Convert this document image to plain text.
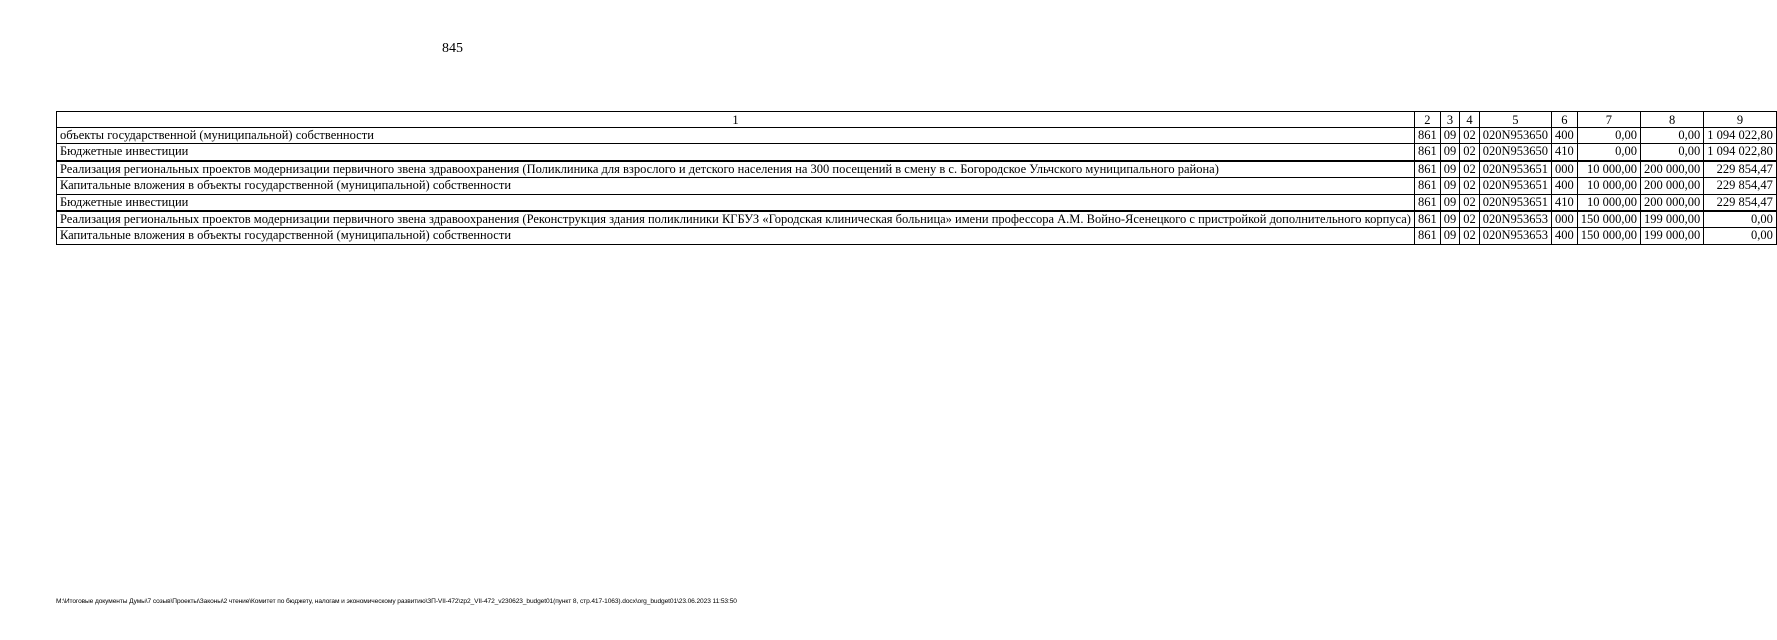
845
1	2	3	4	5	6	7	8	9
объекты государственной (муниципальной) собственности	861	09	02	020N953650	400	0,00	0,00	1 094 022,80
Бюджетные инвестиции	861	09	02	020N953650	410	0,00	0,00	1 094 022,80
Реализация региональных проектов модернизации первичного звена здравоохранения (Поликлиника для взрослого и детского населения на 300 посещений в смену в с. Богородское Ульчского муниципального района)	861	09	02	020N953651	000	10 000,00	200 000,00	229 854,47
Капитальные вложения в объекты государственной (муниципальной) собственности	861	09	02	020N953651	400	10 000,00	200 000,00	229 854,47
Бюджетные инвестиции	861	09	02	020N953651	410	10 000,00	200 000,00	229 854,47
Реализация региональных проектов модернизации первичного звена здравоохранения (Реконструкция здания поликлиники КГБУЗ «Городская клиническая больница» имени профессора А.М. Войно-Ясенецкого с пристройкой дополнительного корпуса)	861	09	02	020N953653	000	150 000,00	199 000,00	0,00
Капитальные вложения в объекты государственной (муниципальной) собственности	861	09	02	020N953653	400	150 000,00	199 000,00	0,00
M:\Итоговые документы Думы\7 созыв\Проекты\Законы\2 чтение\Комитет по бюджету, налогам и экономическому развитию\ЗП-VII-472\zp2_VII-472_v230623_budget01(пункт 8, стр.417-1063).docx\org_budget01\23.06.2023 11:53:50
